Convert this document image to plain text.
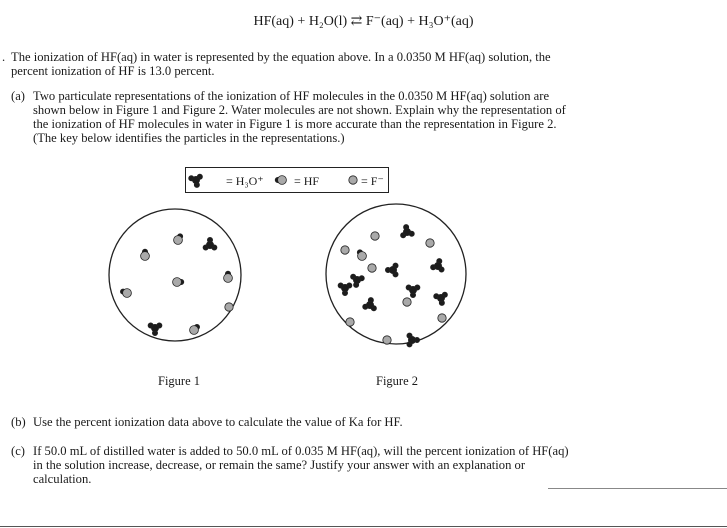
HF(aq) + H₂O(l) ⇄ F⁻(aq) + H₃O⁺(aq)
. The ionization of HF(aq) in water is represented by the equation above. In a 0.0350 M HF(aq) solution, the
percent ionization of HF is 13.0 percent.
(a) Two particulate representations of the ionization of HF molecules in the 0.0350 M HF(aq) solution are
shown below in Figure 1 and Figure 2. Water molecules are not shown. Explain why the representation of
the ionization of HF molecules in water in Figure 1 is more accurate than the representation in Figure 2.
(The key below identifies the particles in the representations.)
= H₃O⁺	= HF	= F⁻
Figure 1	Figure 2
(b) Use the percent ionization data above to calculate the value of Ka for HF.
(c) If 50.0 mL of distilled water is added to 50.0 mL of 0.035 M HF(aq), will the percent ionization of HF(aq)
in the solution increase, decrease, or remain the same? Justify your answer with an explanation or
calculation.
